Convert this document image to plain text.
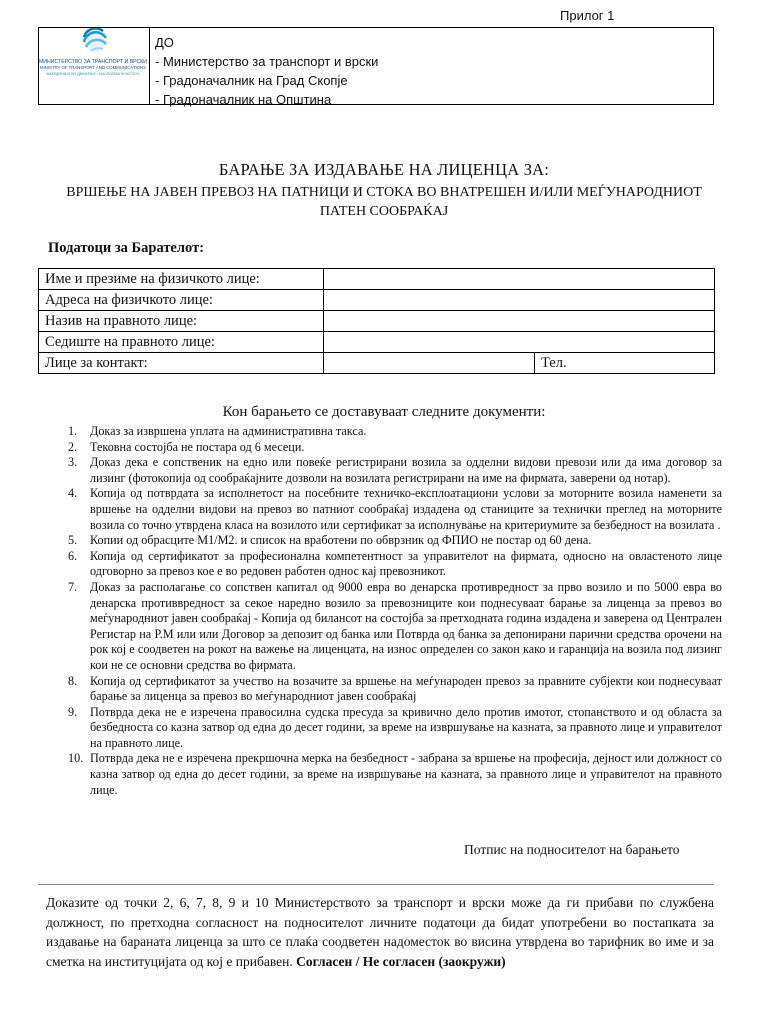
Прилог 1
МИНИСТЕРСТВО ЗА ТРАНСПОРТ И ВРСКИ
MINISTRY OF TRANSPORT AND COMMUNICATIONS
МАКЕДОНИЈА ВО ДВИЖЕЊЕ • MACEDONIA IN MOTION
ДО
- Министерство за транспорт и врски
- Градоначалник на Град Скопје
- Градоначалник на Општина
БАРАЊЕ ЗА ИЗДАВАЊЕ НА ЛИЦЕНЦА ЗА:
ВРШЕЊЕ НА ЈАВЕН ПРЕВОЗ НА ПАТНИЦИ И СТОКА ВО ВНАТРЕШЕН И/ИЛИ МЕЃУНАРОДНИОТ ПАТЕН СООБРАЌАЈ
Податоци за Барателот:
Име и презиме на физичкото лице:		
Адреса на физичкото лице:		
Назив на правното лице:		
Седиште на правното лице:		
Лице за контакт:		Тел.
Кон барањето се доставуваат следните документи:
1. Доказ за извршена уплата на административна такса.
2. Тековна состојба не постара од 6 месеци.
3. Доказ дека е сопственик на едно или повеќе регистрирани возила за одделни видови превози или да има договор за лизинг (фотокопија од сообраќајните дозволи на возилата регистрирани на име на фирмата, заверени од нотар).
4. Копија од потврдата за исполнетост на посебните техничко-експлоатациони услови за моторните возила наменети за вршење на одделни видови на превоз во патниот сообраќај издадена од станиците за технички преглед на моторните возила со точно утврдена класа на возилото или сертификат за исполнување на критериумите за безбедност на возилата .
5. Копии од обрасците М1/М2. и список на вработени по обврзник од ФПИО не постар од 60 дена.
6. Копија од сертификатот за професионална компетентност за управителот на фирмата, односно на овластеното лице одговорно за превоз кое е во редовен работен однос кај превозникот.
7. Доказ за располагање со сопствен капитал од 9000 евра во денарска противредност за прво возило и по 5000 евра во денарска противвредност за секое наредно возило за превозниците кои поднесуваат барање за лиценца за превоз во меѓународниот јавен сообраќај - Копија од билансот на состојба за претходната година издадена и заверена од Централен Регистар на Р.М или или Договор за депозит од банка или Потврда од банка за депонирани парични средства орочени на рок кој е соодветен на рокот на важење на лиценцата, на износ определен со закон како и гаранција на возила под лизинг кои не се основни средства во фирмата.
8. Копија од сертификатот за учество на возачите за вршење на меѓународен превоз за правните субјекти кои поднесуваат барање за лиценца за превоз во меѓународниот јавен сообраќај
9. Потврда дека не е изречена правосилна судска пресуда за кривично дело против имотот, стопанството и од областа за безбедноста со казна затвор од една до десет години, за време на извршување на казната, за правното лице и управителот на правното лице.
10. Потврда дека не е изречена прекршочна мерка на безбедност - забрана за вршење на професија, дејност или должност со казна затвор од една до десет години, за време на извршување на казната, за правното лице и управителот на правното лице.
Потпис на подносителот на барањето
Доказите од точки 2, 6, 7, 8, 9 и 10 Министерството за транспорт и врски може да ги прибави по службена должност, по претходна согласност на подносителот личните податоци да бидат употребени во постапката за издавање на бараната лиценца за што се плаќа соодветен надоместок во висина утврдена во тарифник во име и за сметка на институцијата од кој е прибавен. Согласен / Не согласен (заокружи)
